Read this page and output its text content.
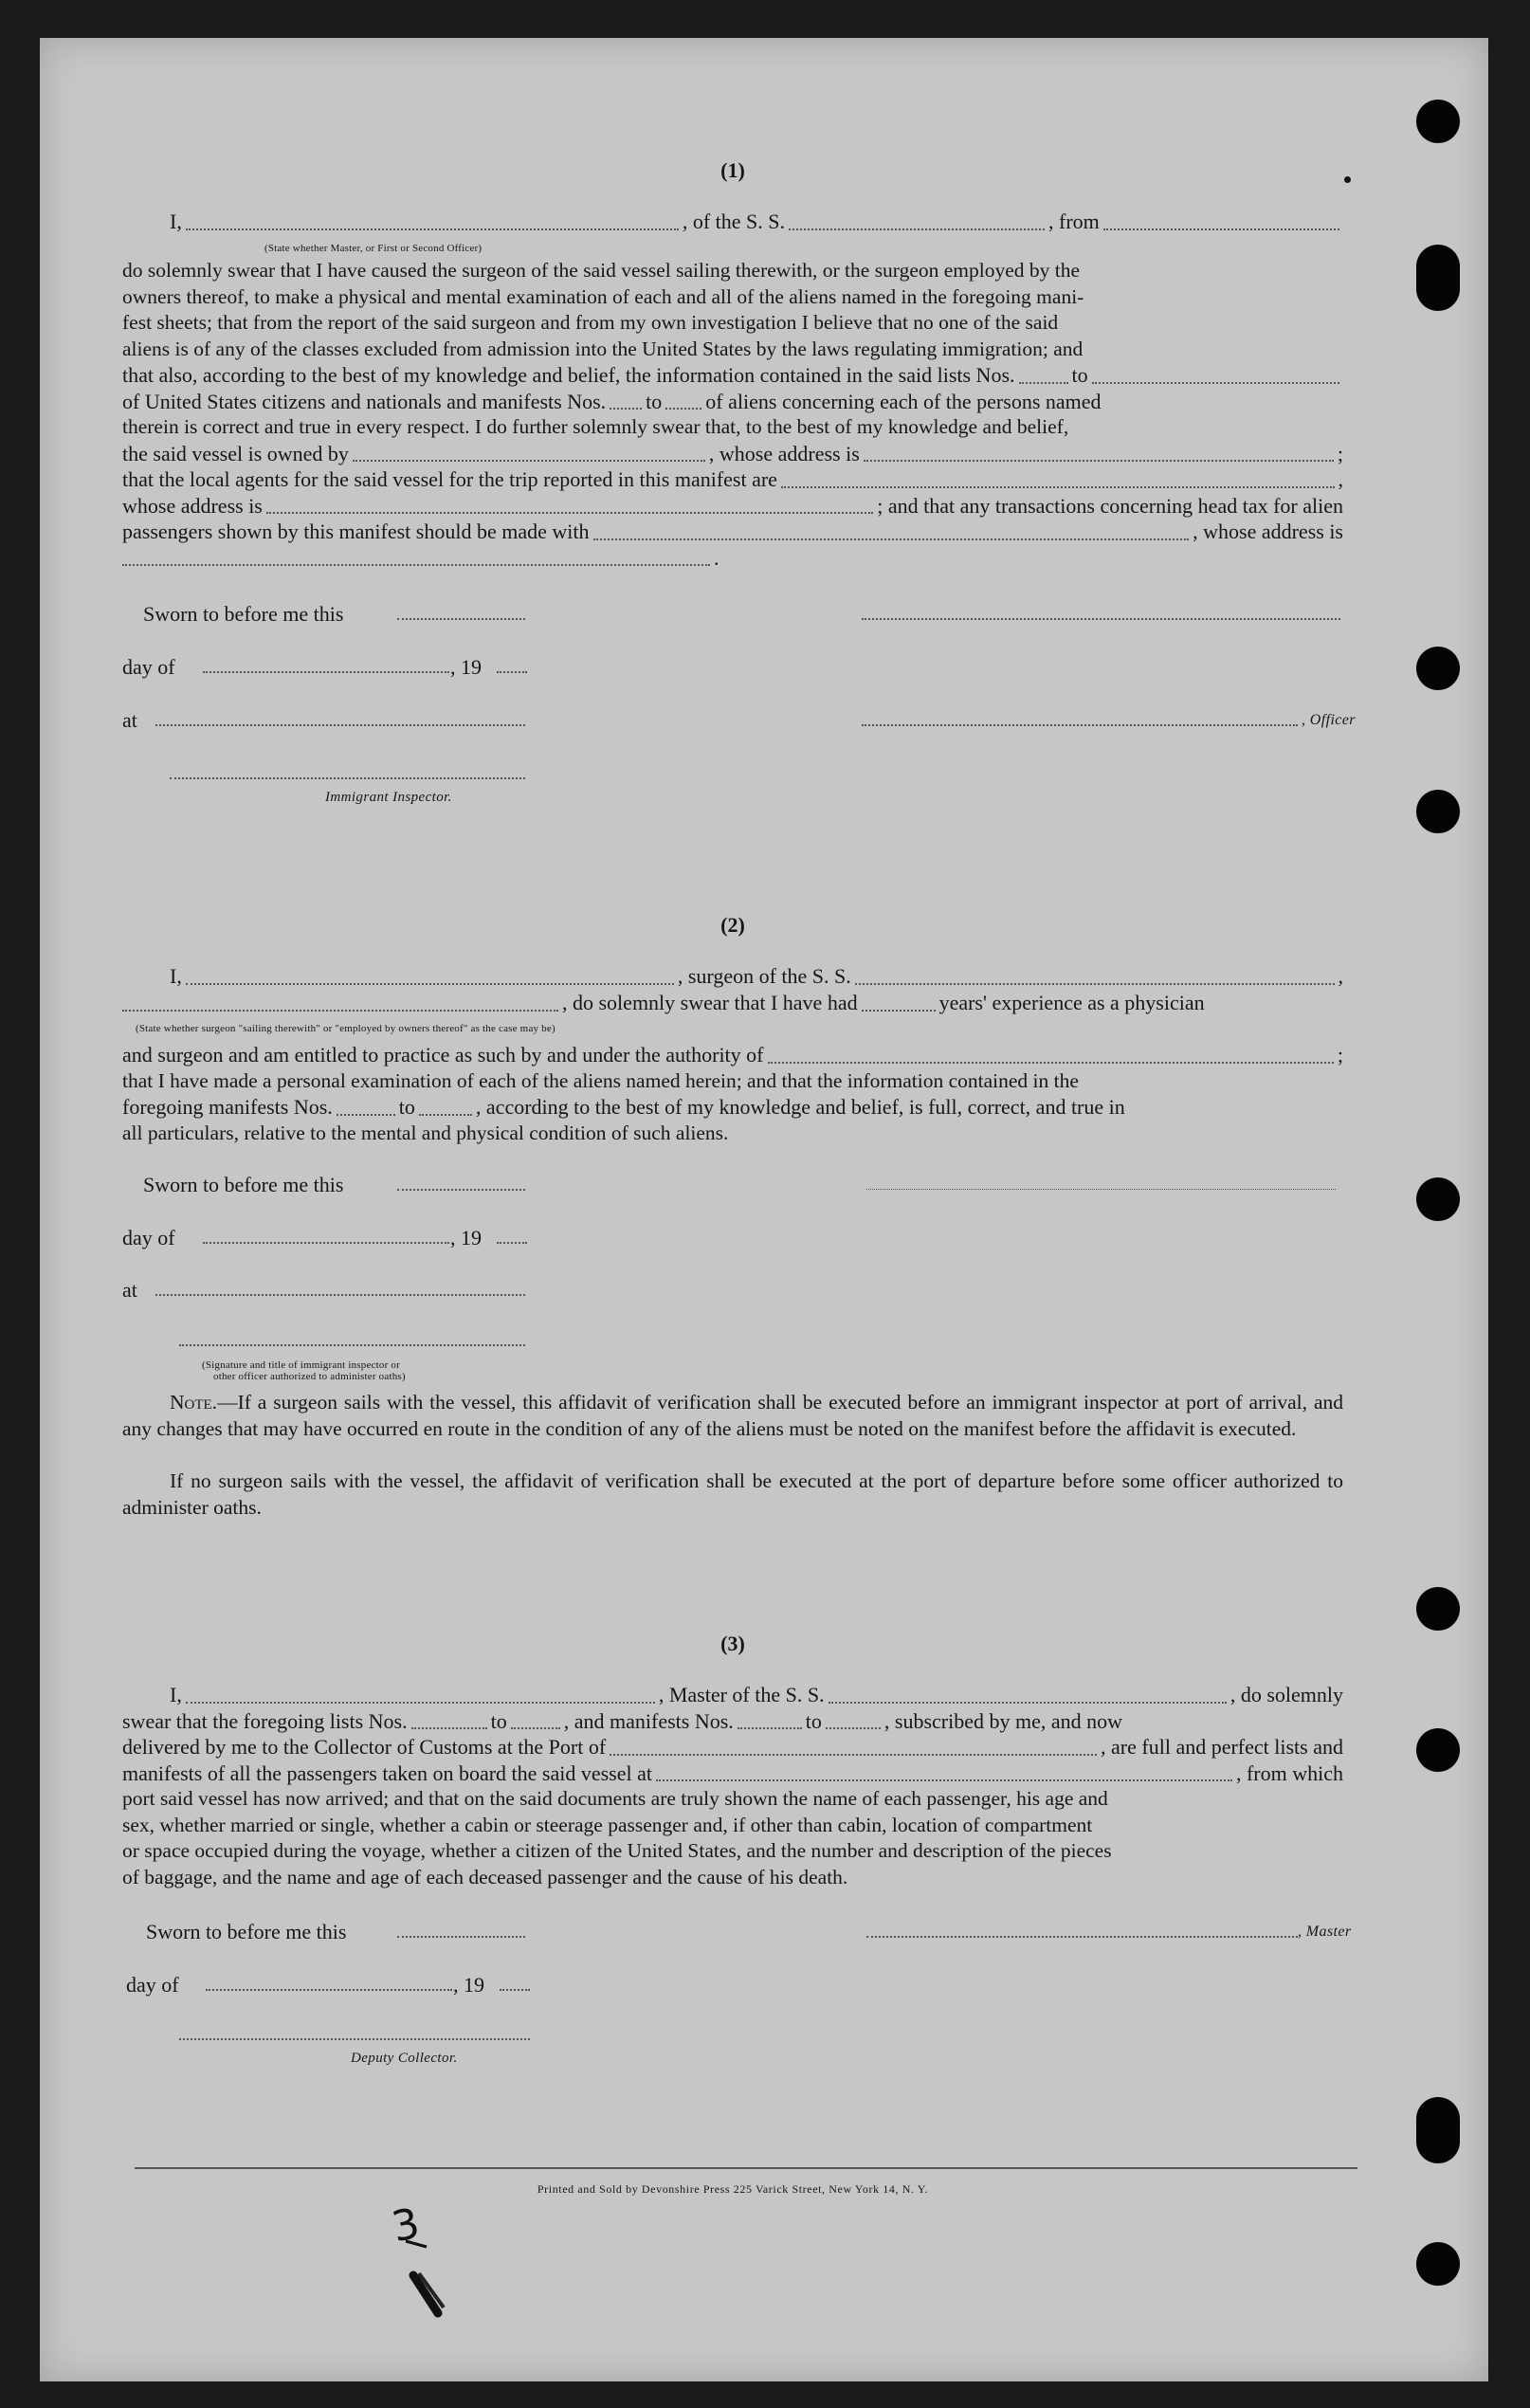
(1)
I,	, of the S. S.	, from
(State whether Master, or First or Second Officer)
do solemnly swear that I have caused the surgeon of the said vessel sailing therewith, or the surgeon employed by the
owners thereof, to make a physical and mental examination of each and all of the aliens named in the foregoing mani-
fest sheets; that from the report of the said surgeon and from my own investigation I believe that no one of the said
aliens is of any of the classes excluded from admission into the United States by the laws regulating immigration; and
that also, according to the best of my knowledge and belief, the information contained in the said lists Nos.	to
of United States citizens and nationals and manifests Nos. to of aliens concerning each of the persons named
therein is correct and true in every respect. I do further solemnly swear that, to the best of my knowledge and belief,
the said vessel is owned by	, whose address is	;
that the local agents for the said vessel for the trip reported in this manifest are	,
whose address is	; and that any transactions concerning head tax for alien
passengers shown by this manifest should be made with	, whose address is
.
Sworn to before me this
day of	, 19
at	, Officer
Immigrant Inspector.
(2)
I,	, surgeon of the S. S.	,
, do solemnly swear that I have had	years' experience as a physician
(State whether surgeon "sailing therewith" or "employed by owners thereof" as the case may be)
and surgeon and am entitled to practice as such by and under the authority of	;
that I have made a personal examination of each of the aliens named herein; and that the information contained in the
foregoing manifests Nos.	to	, according to the best of my knowledge and belief, is full, correct, and true in
all particulars, relative to the mental and physical condition of such aliens.
Sworn to before me this
day of	, 19
at
(Signature and title of immigrant inspector or
other officer authorized to administer oaths)
Note.—If a surgeon sails with the vessel, this affidavit of verification shall be executed before an immigrant inspector at port of arrival, and any changes that may have occurred en route in the condition of any of the aliens must be noted on the manifest before the affidavit is executed.
If no surgeon sails with the vessel, the affidavit of verification shall be executed at the port of departure before some officer authorized to administer oaths.
(3)
I,	, Master of the S. S.	, do solemnly
swear that the foregoing lists Nos.	to	, and manifests Nos.	to	, subscribed by me, and now
delivered by me to the Collector of Customs at the Port of	, are full and perfect lists and
manifests of all the passengers taken on board the said vessel at	, from which
port said vessel has now arrived; and that on the said documents are truly shown the name of each passenger, his age and
sex, whether married or single, whether a cabin or steerage passenger and, if other than cabin, location of compartment
or space occupied during the voyage, whether a citizen of the United States, and the number and description of the pieces
of baggage, and the name and age of each deceased passenger and the cause of his death.
Sworn to before me this	, Master
day of	, 19
Deputy Collector.
Printed and Sold by Devonshire Press 225 Varick Street, New York 14, N. Y.
3
